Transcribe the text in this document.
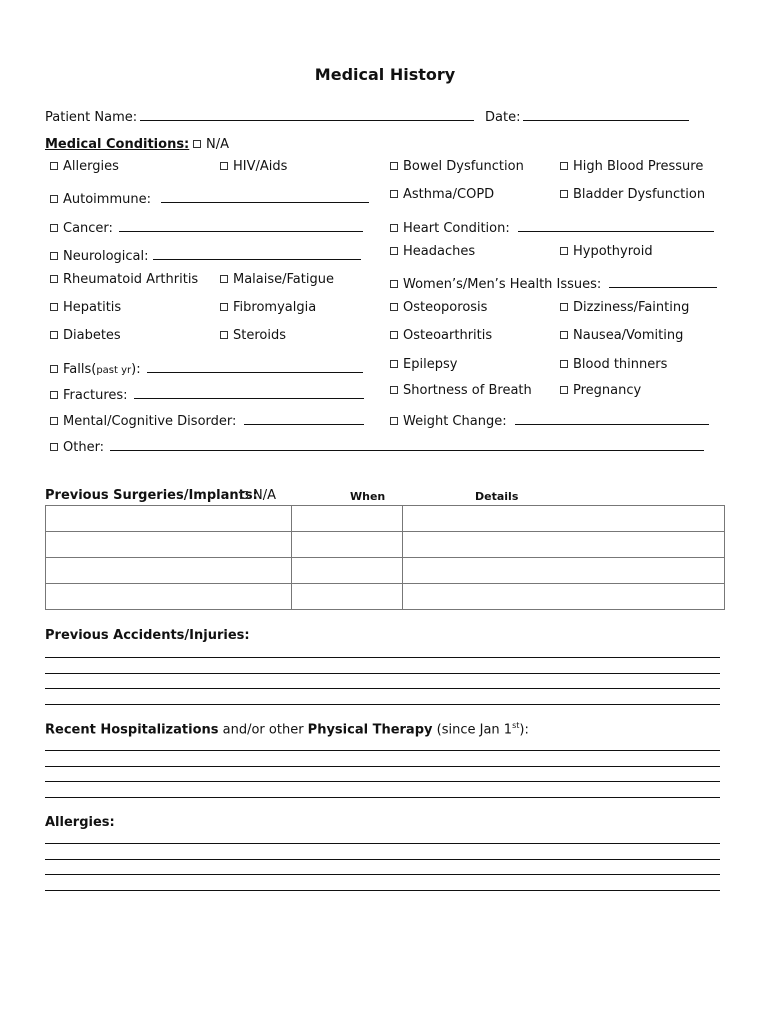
Medical History
Patient Name:	Date:
Medical Conditions:	N/A
Allergies	HIV/Aids	Bowel Dysfunction	High Blood Pressure
Autoimmune:	Asthma/COPD	Bladder Dysfunction
Cancer:	Heart Condition:
Neurological:	Headaches	Hypothyroid
Rheumatoid Arthritis	Malaise/Fatigue	Women’s/Men’s Health Issues:
Hepatitis	Fibromyalgia	Osteoporosis	Dizziness/Fainting
Diabetes	Steroids	Osteoarthritis	Nausea/Vomiting
Falls(past yr):	Epilepsy	Blood thinners
Fractures:	Shortness of Breath	Pregnancy
Mental/Cognitive Disorder:	Weight Change:
Other:
Previous Surgeries/Implants:
N/A	When	Details

Previous Accidents/Injuries:
Recent Hospitalizations and/or other Physical Therapy (since Jan 1st):
Allergies:
